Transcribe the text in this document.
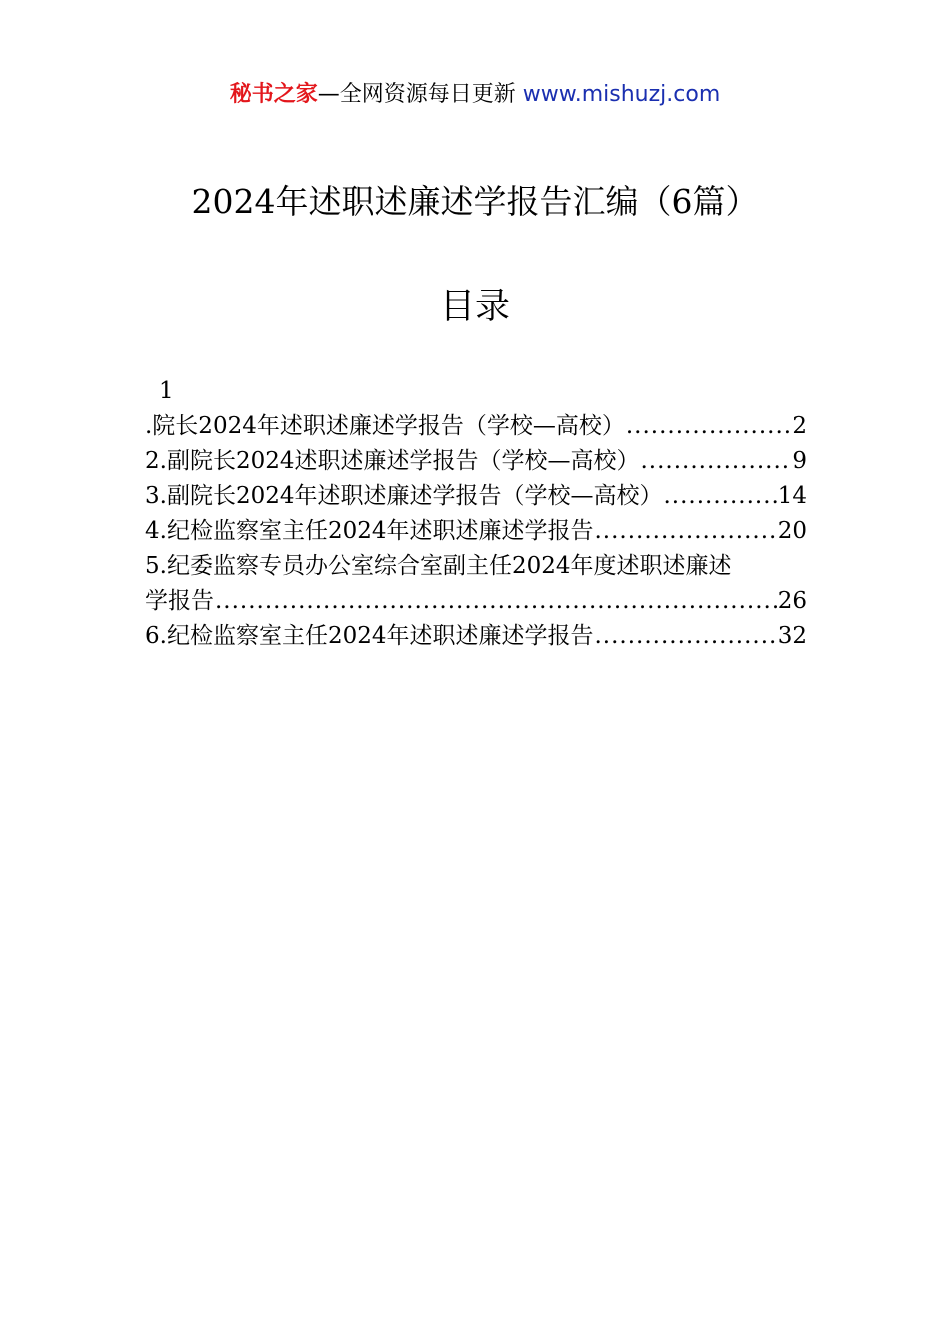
秘书之家—全网资源每日更新 www.mishuzj.com
2024年述职述廉述学报告汇编（6篇）
目录
1
.院长2024年述职述廉述学报告（学校—高校） .....	2
2.副院长2024述职述廉述学报告（学校—高校） .....	9
3.副院长2024年述职述廉述学报告（学校—高校） .....	14
4.纪检监察室主任2024年述职述廉述学报告 .....	20
5.纪委监察专员办公室综合室副主任2024年度述职述廉述
学报告 .....	26
6.纪检监察室主任2024年述职述廉述学报告 .....	32
